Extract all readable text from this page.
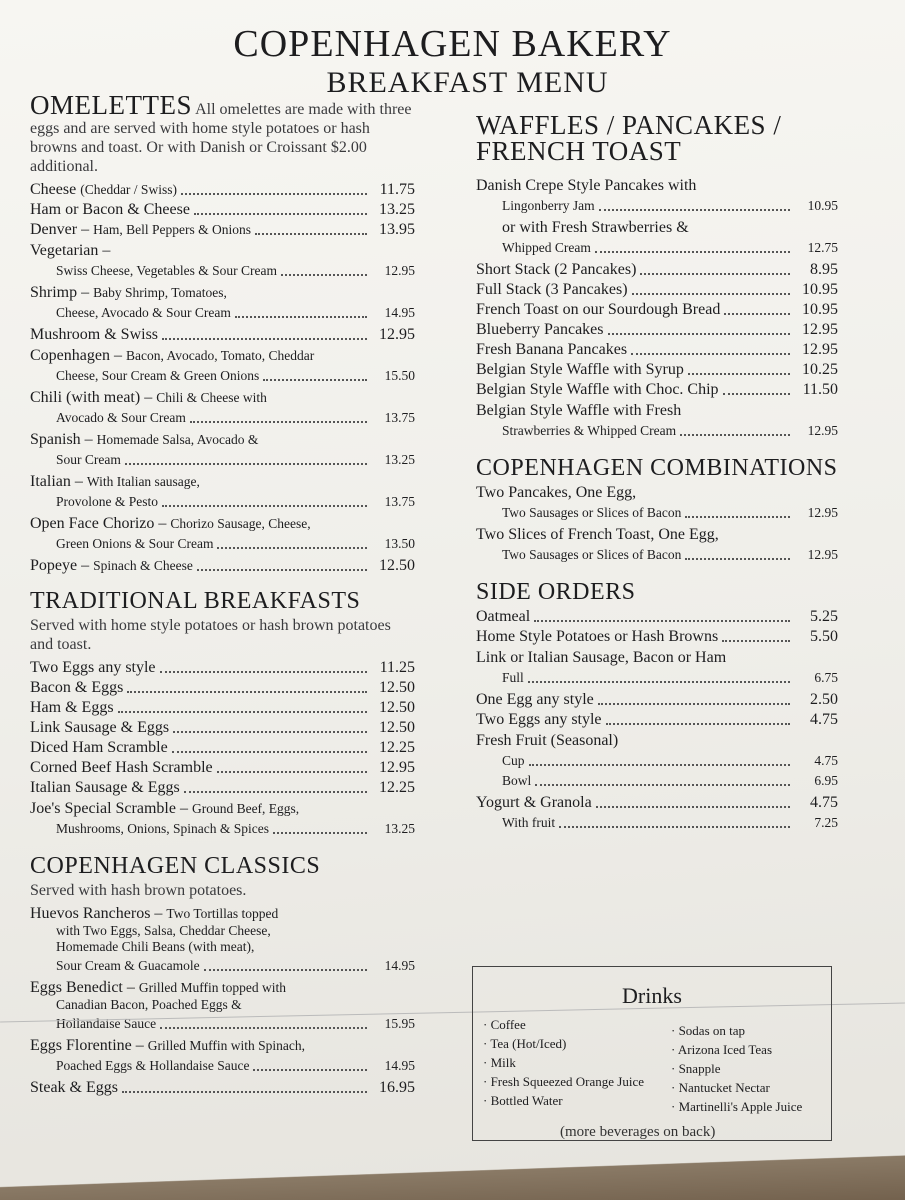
COPENHAGEN BAKERY
BREAKFAST MENU
OMELETTES All omelettes are made with three eggs and are served with home style potatoes or hash browns and toast. Or with Danish or Croissant $2.00 additional.
Cheese (Cheddar / Swiss)	11.75
Ham or Bacon & Cheese	13.25
Denver – Ham, Bell Peppers & Onions	13.95
Vegetarian –
Swiss Cheese, Vegetables & Sour Cream	12.95
Shrimp – Baby Shrimp, Tomatoes,
Cheese, Avocado & Sour Cream	14.95
Mushroom & Swiss	12.95
Copenhagen – Bacon, Avocado, Tomato, Cheddar
Cheese, Sour Cream & Green Onions	15.50
Chili (with meat) – Chili & Cheese with
Avocado & Sour Cream	13.75
Spanish – Homemade Salsa, Avocado &
Sour Cream	13.25
Italian – With Italian sausage,
Provolone & Pesto	13.75
Open Face Chorizo – Chorizo Sausage, Cheese,
Green Onions & Sour Cream	13.50
Popeye – Spinach & Cheese	12.50
TRADITIONAL BREAKFASTS
Served with home style potatoes or hash brown potatoes and toast.
Two Eggs any style	11.25
Bacon & Eggs	12.50
Ham & Eggs	12.50
Link Sausage & Eggs	12.50
Diced Ham Scramble	12.25
Corned Beef Hash Scramble	12.95
Italian Sausage & Eggs	12.25
Joe's Special Scramble – Ground Beef, Eggs,
Mushrooms, Onions, Spinach & Spices	13.25
COPENHAGEN CLASSICS
Served with hash brown potatoes.
Huevos Rancheros – Two Tortillas topped
with Two Eggs, Salsa, Cheddar Cheese,
Homemade Chili Beans (with meat),
Sour Cream & Guacamole	14.95
Eggs Benedict – Grilled Muffin topped with
Canadian Bacon, Poached Eggs &
Hollandaise Sauce	15.95
Eggs Florentine – Grilled Muffin with Spinach,
Poached Eggs & Hollandaise Sauce	14.95
Steak & Eggs	16.95
WAFFLES / PANCAKES / FRENCH TOAST
Danish Crepe Style Pancakes with
Lingonberry Jam	10.95
or with Fresh Strawberries &
Whipped Cream	12.75
Short Stack (2 Pancakes)	8.95
Full Stack (3 Pancakes)	10.95
French Toast on our Sourdough Bread	10.95
Blueberry Pancakes	12.95
Fresh Banana Pancakes	12.95
Belgian Style Waffle with Syrup	10.25
Belgian Style Waffle with Choc. Chip	11.50
Belgian Style Waffle with Fresh
Strawberries & Whipped Cream	12.95
COPENHAGEN COMBINATIONS
Two Pancakes, One Egg,
Two Sausages or Slices of Bacon	12.95
Two Slices of French Toast, One Egg,
Two Sausages or Slices of Bacon	12.95
SIDE ORDERS
Oatmeal	5.25
Home Style Potatoes or Hash Browns	5.50
Link or Italian Sausage, Bacon or Ham
Full	6.75
One Egg any style	2.50
Two Eggs any style	4.75
Fresh Fruit (Seasonal)
Cup	4.75
Bowl	6.95
Yogurt & Granola	4.75
With fruit	7.25
Drinks
· Coffee
· Tea (Hot/Iced)
· Milk
· Fresh Squeezed Orange Juice
· Bottled Water
· Sodas on tap
· Arizona Iced Teas
· Snapple
· Nantucket Nectar
· Martinelli's Apple Juice
(more beverages on back)
